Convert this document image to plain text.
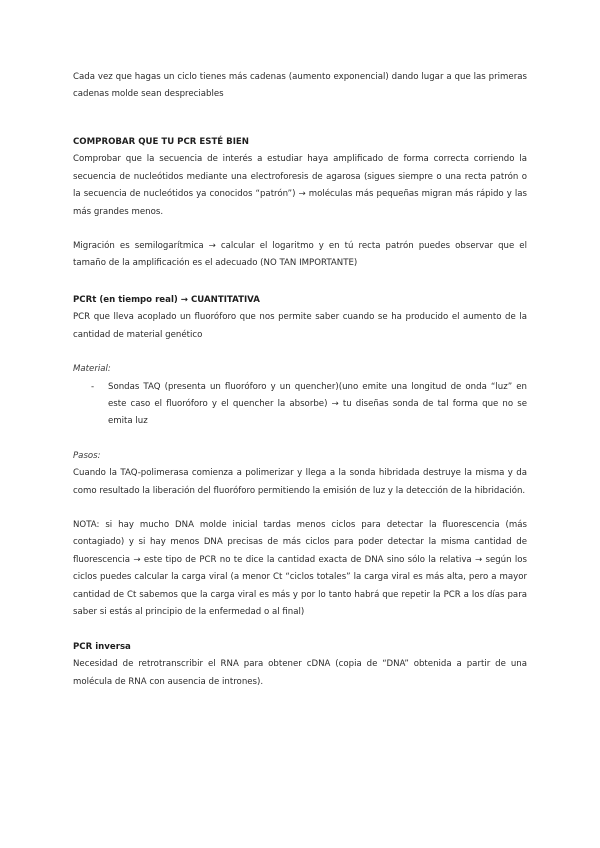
Cada vez que hagas un ciclo tienes más cadenas (aumento exponencial) dando lugar a que las primeras cadenas molde sean despreciables

COMPROBAR QUE TU PCR ESTÉ BIEN

Comprobar que la secuencia de interés a estudiar haya amplificado de forma correcta corriendo la secuencia de nucleótidos mediante una electroforesis de agarosa (sigues siempre o una recta patrón o la secuencia de nucleótidos ya conocidos “patrón”) → moléculas más pequeñas migran más rápido y las más grandes menos.

Migración es semilogarítmica → calcular el logaritmo y en tú recta patrón puedes observar que el tamaño de la amplificación es el adecuado (NO TAN IMPORTANTE)

PCRt (en tiempo real) → CUANTITATIVA

PCR que lleva acoplado un fluoróforo que nos permite saber cuando se ha producido el aumento de la cantidad de material genético

Material:

- Sondas TAQ (presenta un fluoróforo y un quencher)(uno emite una longitud de onda “luz” en este caso el fluoróforo y el quencher la absorbe) → tu diseñas sonda de tal forma que no se emita luz

Pasos:

Cuando la TAQ-polimerasa comienza a polimerizar y llega a la sonda hibridada destruye la misma y da como resultado la liberación del fluoróforo permitiendo la emisión de luz y la detección de la hibridación.

NOTA: si hay mucho DNA molde inicial tardas menos ciclos para detectar la fluorescencia (más contagiado) y si hay menos DNA precisas de más ciclos para poder detectar la misma cantidad de fluorescencia → este tipo de PCR no te dice la cantidad exacta de DNA sino sólo la relativa → según los ciclos puedes calcular la carga viral (a menor Ct “ciclos totales” la carga viral es más alta, pero a mayor cantidad de Ct sabemos que la carga viral es más y por lo tanto habrá que repetir la PCR a los días para saber si estás al principio de la enfermedad o al final)

PCR inversa

Necesidad de retrotranscribir el RNA para obtener cDNA (copia de “DNA” obtenida a partir de una molécula de RNA con ausencia de intrones).
